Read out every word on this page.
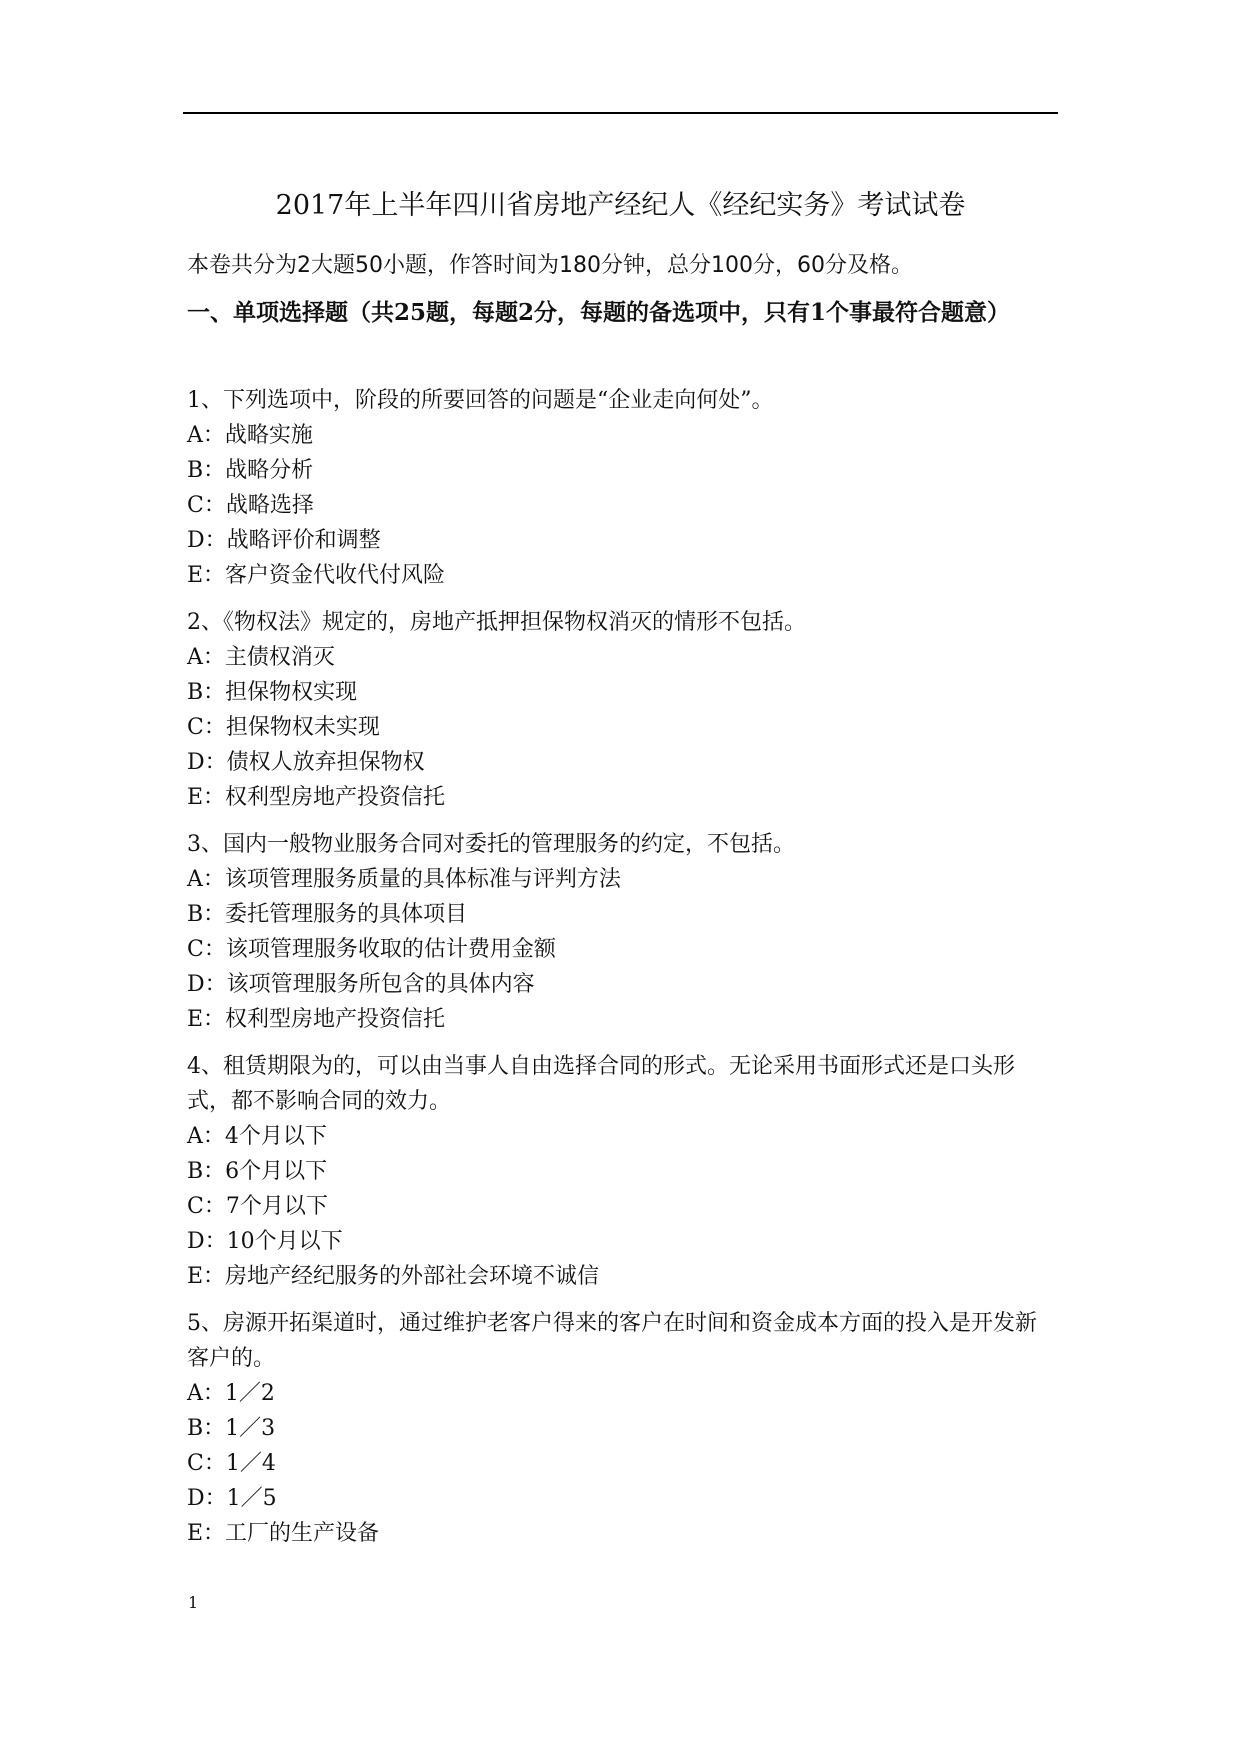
2017年上半年四川省房地产经纪人《经纪实务》考试试卷
本卷共分为2大题50小题，作答时间为180分钟，总分100分，60分及格。
一、单项选择题（共25题，每题2分，每题的备选项中，只有1个事最符合题意）
1、下列选项中，阶段的所要回答的问题是“企业走向何处”。
A：战略实施
B：战略分析
C：战略选择
D：战略评价和调整
E：客户资金代收代付风险
2、《物权法》规定的，房地产抵押担保物权消灭的情形不包括。
A：主债权消灭
B：担保物权实现
C：担保物权未实现
D：债权人放弃担保物权
E：权利型房地产投资信托
3、国内一般物业服务合同对委托的管理服务的约定，不包括。
A：该项管理服务质量的具体标准与评判方法
B：委托管理服务的具体项目
C：该项管理服务收取的估计费用金额
D：该项管理服务所包含的具体内容
E：权利型房地产投资信托
4、租赁期限为的，可以由当事人自由选择合同的形式。无论采用书面形式还是口头形式，都不影响合同的效力。
A：4个月以下
B：6个月以下
C：7个月以下
D：10个月以下
E：房地产经纪服务的外部社会环境不诚信
5、房源开拓渠道时，通过维护老客户得来的客户在时间和资金成本方面的投入是开发新客户的。
A：1／2
B：1／3
C：1／4
D：1／5
E：工厂的生产设备
1
